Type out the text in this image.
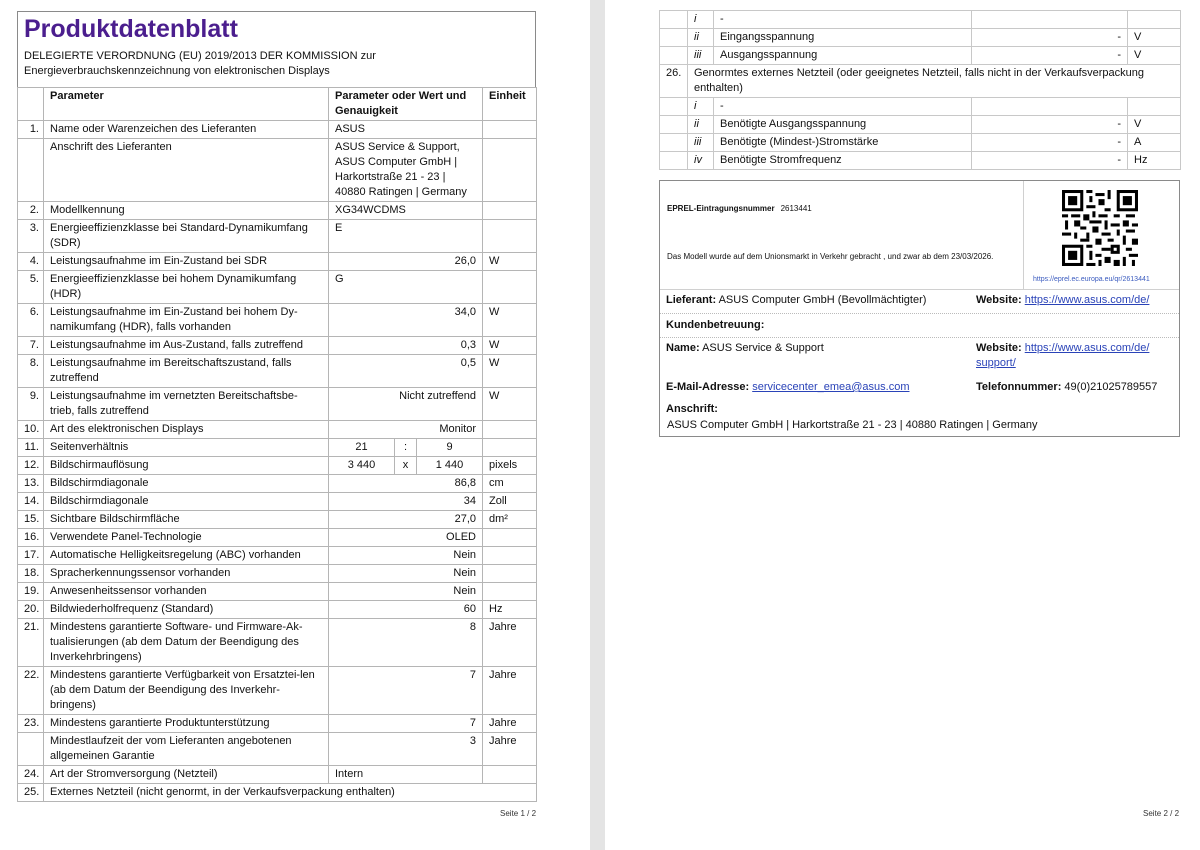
Produktdatenblatt
DELEGIERTE VERORDNUNG (EU) 2019/2013 DER KOMMISSION zur Energieverbrauchskennzeichnung von elektronischen Displays
	Parameter	Parameter oder Wert und Genauigkeit			Einheit
1.	Name oder Warenzeichen des Lieferanten	ASUS			
	Anschrift des Lieferanten	ASUS Service & Support, ASUS Computer GmbH | Harkortstraße 21 - 23 | 40880 Ratingen | Germany			
2.	Modellkennung	XG34WCDMS			
3.	Energieeffizienzklasse bei Standard-Dynamikumfang (SDR)	E			
4.	Leistungsaufnahme im Ein-Zustand bei SDR	26,0			W
5.	Energieeffizienzklasse bei hohem Dynamikumfang (HDR)	G			
6.	Leistungsaufnahme im Ein-Zustand bei hohem Dy-namikumfang (HDR), falls vorhanden	34,0			W
7.	Leistungsaufnahme im Aus-Zustand, falls zutreffend	0,3			W
8.	Leistungsaufnahme im Bereitschaftszustand, falls zutreffend	0,5			W
9.	Leistungsaufnahme im vernetzten Bereitschaftsbe-trieb, falls zutreffend	Nicht zutreffend			W
10.	Art des elektronischen Displays	Monitor			
11.	Seitenverhältnis	21	:	9	
12.	Bildschirmauflösung	3 440	x	1 440	pixels
13.	Bildschirmdiagonale	86,8			cm
14.	Bildschirmdiagonale	34			Zoll
15.	Sichtbare Bildschirmfläche	27,0			dm²
16.	Verwendete Panel-Technologie	OLED			
17.	Automatische Helligkeitsregelung (ABC) vorhanden	Nein			
18.	Spracherkennungssensor vorhanden	Nein			
19.	Anwesenheitssensor vorhanden	Nein			
20.	Bildwiederholfrequenz (Standard)	60			Hz
21.	Mindestens garantierte Software- und Firmware-Ak-tualisierungen (ab dem Datum der Beendigung des Inverkehrbringens)	8			Jahre
22.	Mindestens garantierte Verfügbarkeit von Ersatztei-len (ab dem Datum der Beendigung des Inverkehr-bringens)	7			Jahre
23.	Mindestens garantierte Produktunterstützung	7			Jahre
	Mindestlaufzeit der vom Lieferanten angebotenen allgemeinen Garantie	3			Jahre
24.	Art der Stromversorgung (Netzteil)	Intern			
25.	Externes Netzteil (nicht genormt, in der Verkaufsverpackung enthalten)				
Seite 1 / 2
	i	-		
	ii	Eingangsspannung	-	V
	iii	Ausgangsspannung	-	V
26.	Genormtes externes Netzteil (oder geeignetes Netzteil, falls nicht in der Verkaufsverpackung enthalten)			
	i	-		
	ii	Benötigte Ausgangsspannung	-	V
	iii	Benötigte (Mindest-)Stromstärke	-	A
	iv	Benötigte Stromfrequenz	-	Hz
EPREL-Eintragungsnummer 2613441
Das Modell wurde auf dem Unionsmarkt in Verkehr gebracht , und zwar ab dem 23/03/2026.
https://eprel.ec.europa.eu/qr/2613441
Lieferant: ASUS Computer GmbH (Bevollmächtigter)	Website: https://www.asus.com/de/
Kundenbetreuung:
Name: ASUS Service & Support	Website: https://www.asus.com/de/
support/
E-Mail-Adresse: servicecenter_emea@asus.com	Telefonnummer: 49(0)21025789557
Anschrift:
ASUS Computer GmbH | Harkortstraße 21 - 23 | 40880 Ratingen | Germany
Seite 2 / 2
